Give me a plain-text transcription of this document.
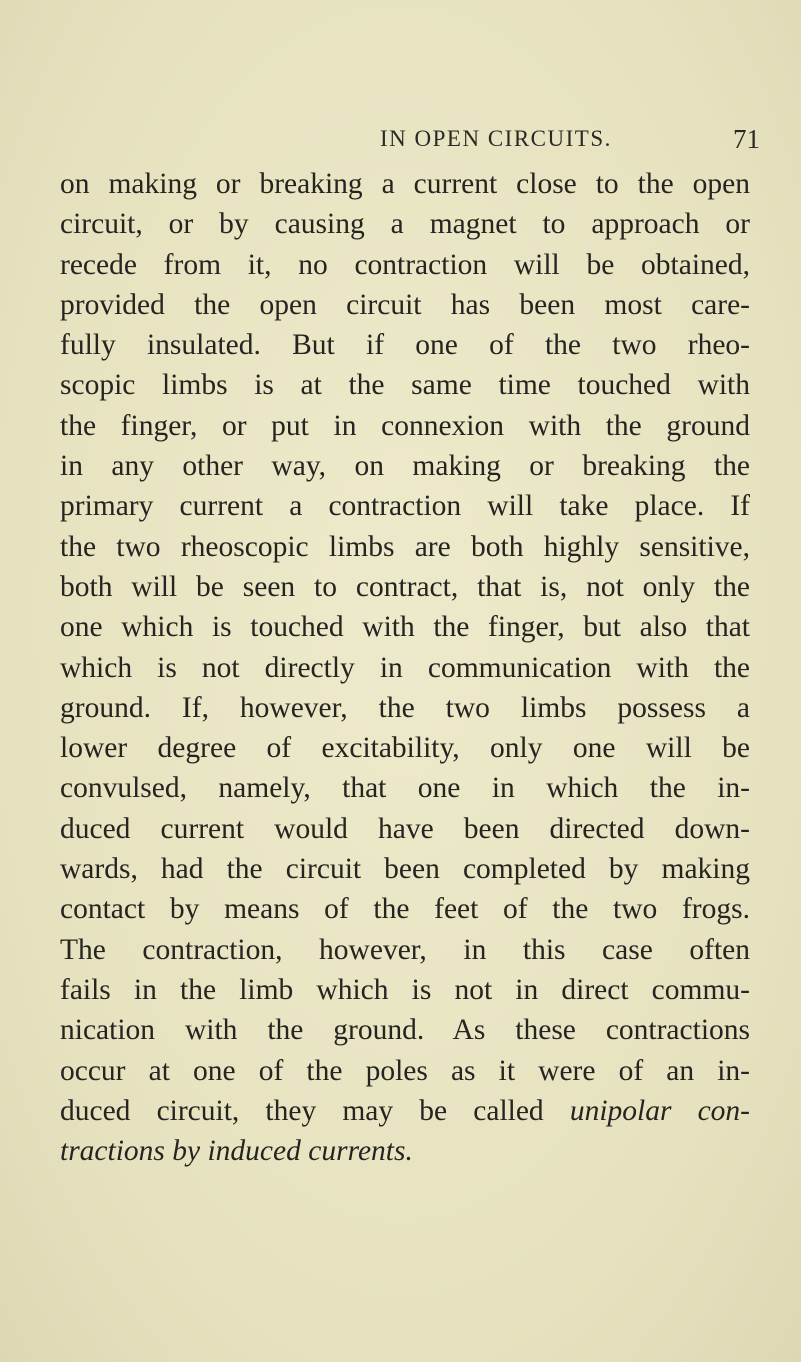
IN OPEN CIRCUITS.	71
on making or breaking a current close to the open
circuit, or by causing a magnet to approach or
recede from it, no contraction will be obtained,
provided the open circuit has been most care-
fully insulated. But if one of the two rheo-
scopic limbs is at the same time touched with
the finger, or put in connexion with the ground
in any other way, on making or breaking the
primary current a contraction will take place. If
the two rheoscopic limbs are both highly sensitive,
both will be seen to contract, that is, not only the
one which is touched with the finger, but also that
which is not directly in communication with the
ground. If, however, the two limbs possess a
lower degree of excitability, only one will be
convulsed, namely, that one in which the in-
duced current would have been directed down-
wards, had the circuit been completed by making
contact by means of the feet of the two frogs.
The contraction, however, in this case often
fails in the limb which is not in direct commu-
nication with the ground. As these contractions
occur at one of the poles as it were of an in-
duced circuit, they may be called unipolar con-
tractions by induced currents.
